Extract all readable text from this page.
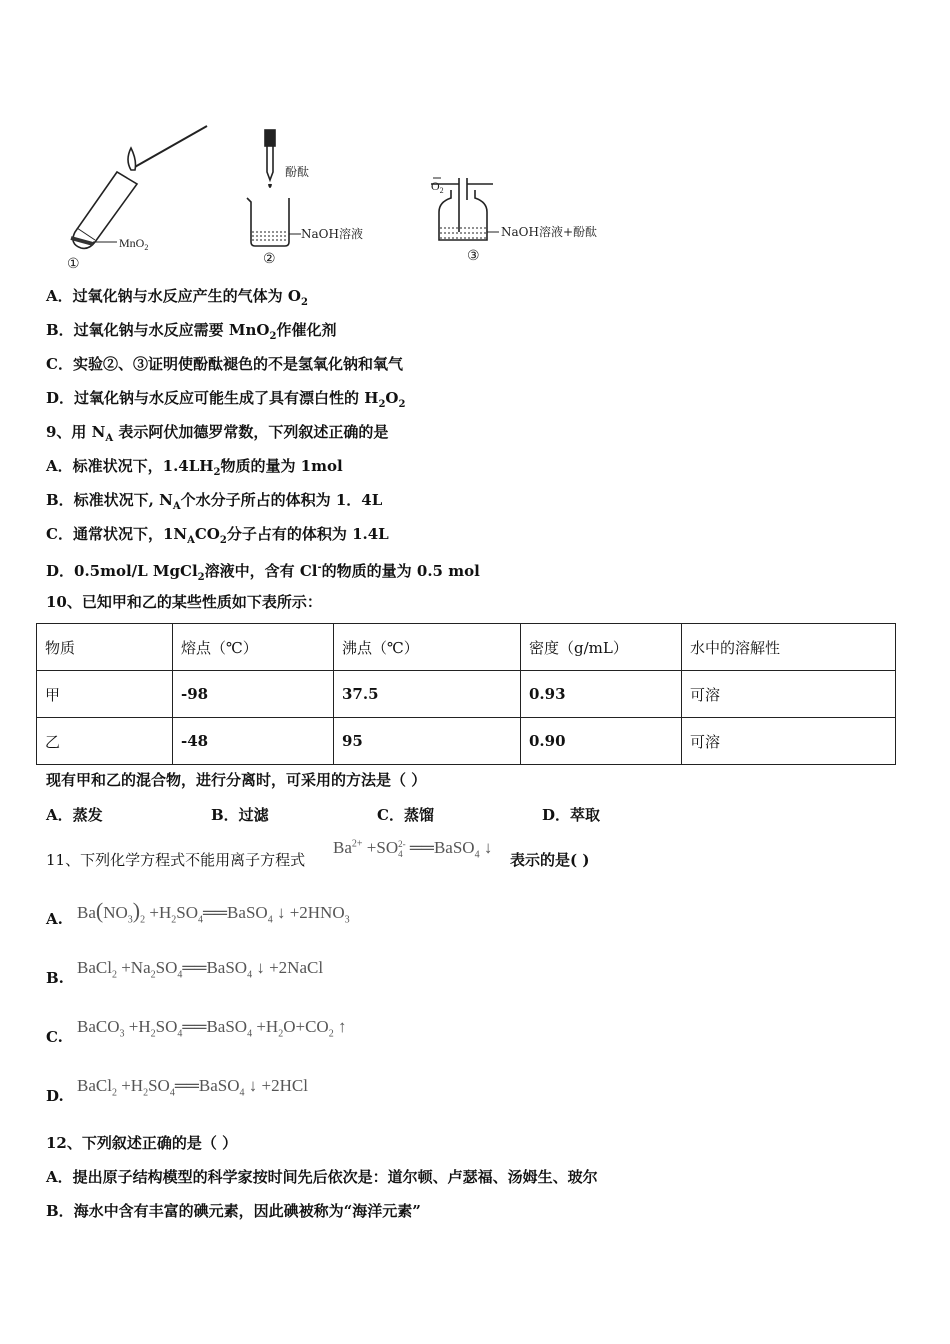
MnO$_2$
①
酚酞
NaOH溶液
②
$O_2$
NaOH溶液+酚酞
③
A．过氧化钠与水反应产生的气体为 $O_2$
B．过氧化钠与水反应需要 MnO$_2$作催化剂
C．实验②、③证明使酚酞褪色的不是氢氧化钠和氧气
D．过氧化钠与水反应可能生成了具有漂白性的 $H_2O_2$
9、用 $N_A$ 表示阿伏加德罗常数，下列叙述正确的是
A．标准状况下，$1.4LH_2$物质的量为 1mol
B．标准状况下, $N_A$个水分子所占的体积为 1．4L
C．通常状况下，$1N_ACO_2$分子占有的体积为 1.4L
D．0.5mol/L MgCl$_2$溶液中，含有 Cl-的物质的量为 0.5 mol
10、已知甲和乙的某些性质如下表所示：
物质	熔点（℃）	沸点（℃）	密度（g/mL）	水中的溶解性
甲	-98	37.5	0.93	可溶
乙	-48	95	0.90	可溶
现有甲和乙的混合物，进行分离时，可采用的方法是（ ）
A．蒸发	B．过滤	C．蒸馏	D．萃取
11、下列化学方程式不能用离子方程式
$Ba^{2+} +SO$ 2-
4 ══BaSO$_4$ ↓
表示的是( )
A. $Ba(NO_3)_2$ $+H_2SO_4══BaSO_4$ ↓ $+2HNO_3$
B.
BaCl$_2$ $+Na_2SO_4══BaSO_4$ ↓ +2NaCl
C.
BaCO$_3$ $+H_2SO_4══BaSO_4 +H_2O+CO_2$ ↑
D.
BaCl$_2$ $+H_2SO_4══BaSO_4$ ↓ +2HCl
12、下列叙述正确的是（ ）
A．提出原子结构模型的科学家按时间先后依次是：道尔顿、卢瑟福、汤姆生、玻尔
B．海水中含有丰富的碘元素，因此碘被称为“海洋元素”
